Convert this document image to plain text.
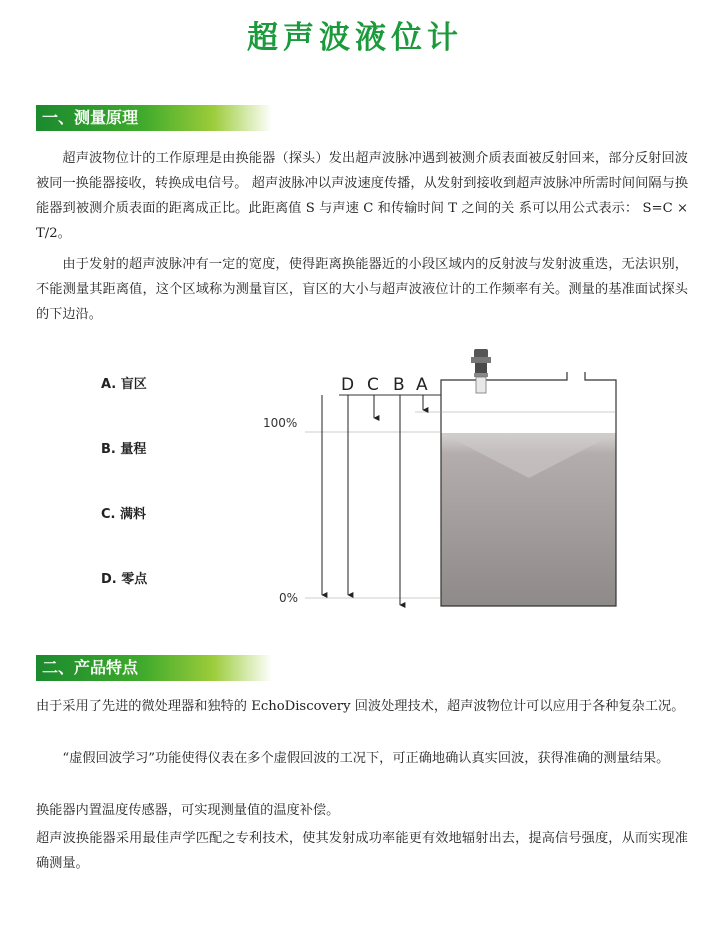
超声波液位计
一、测量原理

超声波物位计的工作原理是由换能器（探头）发出超声波脉冲遇到被测介质表面被反射回来，部分反射回波被同一换能器接收，转换成电信号。 超声波脉冲以声波速度传播，从发射到接收到超声波脉冲所需时间间隔与换 能器到被测介质表面的距离成正比。此距离值 S 与声速 C 和传输时间 T 之间的关 系可以用公式表示： S=C × T/2。

由于发射的超声波脉冲有一定的宽度，使得距离换能器近的小段区域内的反射波与发射波重迭，无法识别，不能测量其距离值，这个区域称为测量盲区，盲区的大小与超声波液位计的工作频率有关。测量的基准面试探头的下边沿。

A. 盲区
B. 量程
C. 满料
D. 零点
D C B A
100%
0%
二、产品特点

由于采用了先进的微处理器和独特的 EchoDiscovery 回波处理技术，超声波物位计可以应用于各种复杂工况。

“虚假回波学习”功能使得仪表在多个虚假回波的工况下，可正确地确认真实回波，获得准确的测量结果。

换能器内置温度传感器，可实现测量值的温度补偿。

超声波换能器采用最佳声学匹配之专利技术，使其发射成功率能更有效地辐射出去，提高信号强度，从而实现准确测量。
